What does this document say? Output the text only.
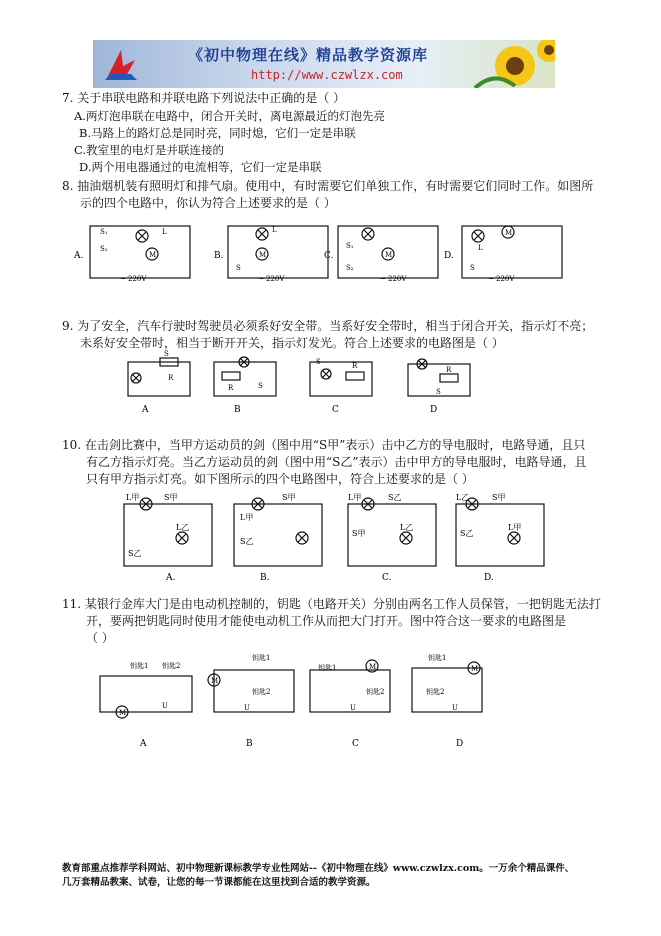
《初中物理在线》精品教学资源库
http://www.czwlzx.com
7. 关于串联电路和并联电路下列说法中正确的是（ ）
A.两灯泡串联在电路中，闭合开关时，离电源最近的灯泡先亮
B.马路上的路灯总是同时亮，同时熄，它们一定是串联
C.教室里的电灯是并联连接的
D.两个用电器通过的电流相等，它们一定是串联
8. 抽油烟机装有照明灯和排气扇。使用中，有时需要它们单独工作，有时需要它们同时工作。如图所
示的四个电路中，你认为符合上述要求的是（ ）
A.	M
S₁
S₂
L
~ 220V
B.	M
L
S
~ 220V
C.	M
S₁
S₂
~ 220V
D.
M
L
S
~ 220V
9. 为了安全，汽车行驶时驾驶员必须系好安全带。当系好安全带时，相当于闭合开关，指示灯不亮；
未系好安全带时，相当于断开开关，指示灯发光。符合上述要求的电路图是（ ）
S
R
A
R	S
B
S	R
C
R
S
D
10. 在击剑比赛中，当甲方运动员的剑（图中用“S甲”表示）击中乙方的导电服时，电路导通，且只
有乙方指示灯亮。当乙方运动员的剑（图中用“S乙”表示）击中甲方的导电服时，电路导通，且
只有甲方指示灯亮。如下图所示的四个电路图中，符合上述要求的是（ ）
L甲	S甲
L乙
S乙
A.
L甲
S甲
S乙
B.
L甲	S乙
S甲
L乙
C.
L乙	S甲
S乙
L甲
D.
11. 某银行金库大门是由电动机控制的，钥匙（电路开关）分别由两名工作人员保管，一把钥匙无法打
开，要两把钥匙同时使用才能使电动机工作从而把大门打开。图中符合这一要求的电路图是
（ ）
M
钥匙1 钥匙2
U
A
M
钥匙1
钥匙2
U
B
M
钥匙1
钥匙2
U
C
M
钥匙1
钥匙2
U
D
教育部重点推荐学科网站、初中物理新课标教学专业性网站--《初中物理在线》www.czwlzx.com。一万余个精品课件、
几万套精品教案、试卷，让您的每一节课都能在这里找到合适的教学资源。
